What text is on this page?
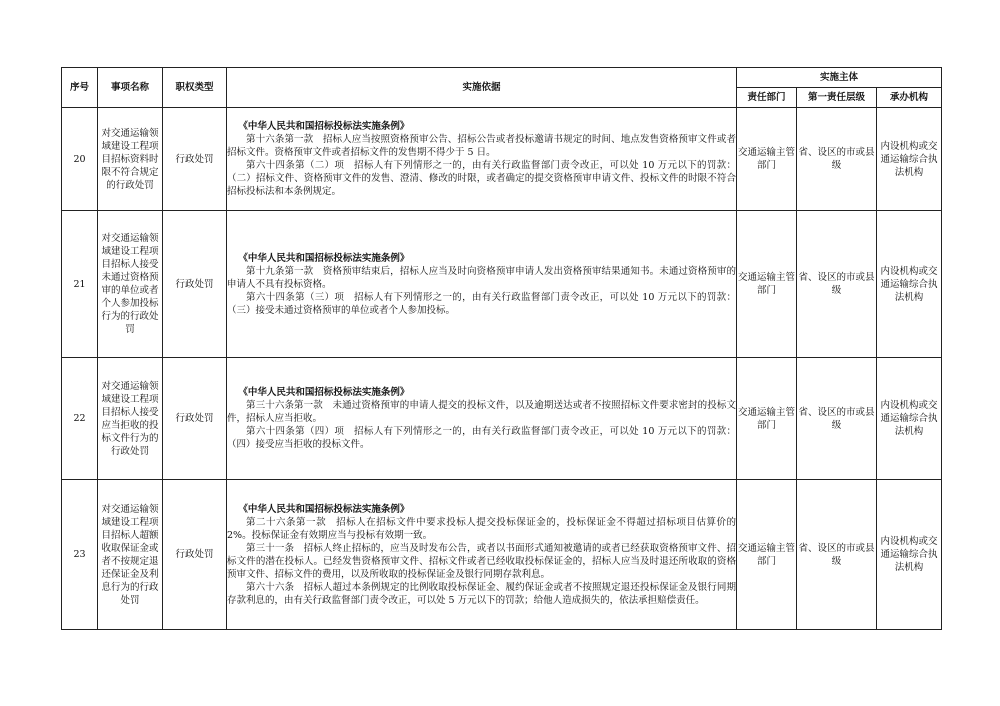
序号	事项名称	职权类型	实施依据	实施主体		
				责任部门	第一责任层级	承办机构
20	对交通运输领域建设工程项目招标资料时限不符合规定的行政处罚	行政处罚	《中华人民共和国招标投标法实施条例》

第十六条第一款　招标人应当按照资格预审公告、招标公告或者投标邀请书规定的时间、地点发售资格预审文件或者招标文件。资格预审文件或者招标文件的发售期不得少于 5 日。

第六十四条第（二）项　招标人有下列情形之一的，由有关行政监督部门责令改正，可以处 10 万元以下的罚款：（二）招标文件、资格预审文件的发售、澄清、修改的时限，或者确定的提交资格预审申请文件、投标文件的时限不符合招标投标法和本条例规定。	交通运输主管部门	省、设区的市或县级	内设机构或交通运输综合执法机构
21	对交通运输领域建设工程项目招标人接受未通过资格预审的单位或者个人参加投标行为的行政处罚	行政处罚	《中华人民共和国招标投标法实施条例》

第十九条第一款　资格预审结束后，招标人应当及时向资格预审申请人发出资格预审结果通知书。未通过资格预审的申请人不具有投标资格。

第六十四条第（三）项　招标人有下列情形之一的，由有关行政监督部门责令改正，可以处 10 万元以下的罚款：（三）接受未通过资格预审的单位或者个人参加投标。	交通运输主管部门	省、设区的市或县级	内设机构或交通运输综合执法机构
22	对交通运输领域建设工程项目招标人接受应当拒收的投标文件行为的行政处罚	行政处罚	《中华人民共和国招标投标法实施条例》

第三十六条第一款　未通过资格预审的申请人提交的投标文件，以及逾期送达或者不按照招标文件要求密封的投标文件，招标人应当拒收。

第六十四条第（四）项　招标人有下列情形之一的，由有关行政监督部门责令改正，可以处 10 万元以下的罚款：（四）接受应当拒收的投标文件。	交通运输主管部门	省、设区的市或县级	内设机构或交通运输综合执法机构
23	对交通运输领域建设工程项目招标人超额收取保证金或者不按规定退还保证金及利息行为的行政处罚	行政处罚	《中华人民共和国招标投标法实施条例》

第二十六条第一款　招标人在招标文件中要求投标人提交投标保证金的，投标保证金不得超过招标项目估算价的 2%。投标保证金有效期应当与投标有效期一致。

第三十一条　招标人终止招标的，应当及时发布公告，或者以书面形式通知被邀请的或者已经获取资格预审文件、招标文件的潜在投标人。已经发售资格预审文件、招标文件或者已经收取投标保证金的，招标人应当及时退还所收取的资格预审文件、招标文件的费用，以及所收取的投标保证金及银行同期存款利息。

第六十六条　招标人超过本条例规定的比例收取投标保证金、履约保证金或者不按照规定退还投标保证金及银行同期存款利息的，由有关行政监督部门责令改正，可以处 5 万元以下的罚款；给他人造成损失的，依法承担赔偿责任。	交通运输主管部门	省、设区的市或县级	内设机构或交通运输综合执法机构
